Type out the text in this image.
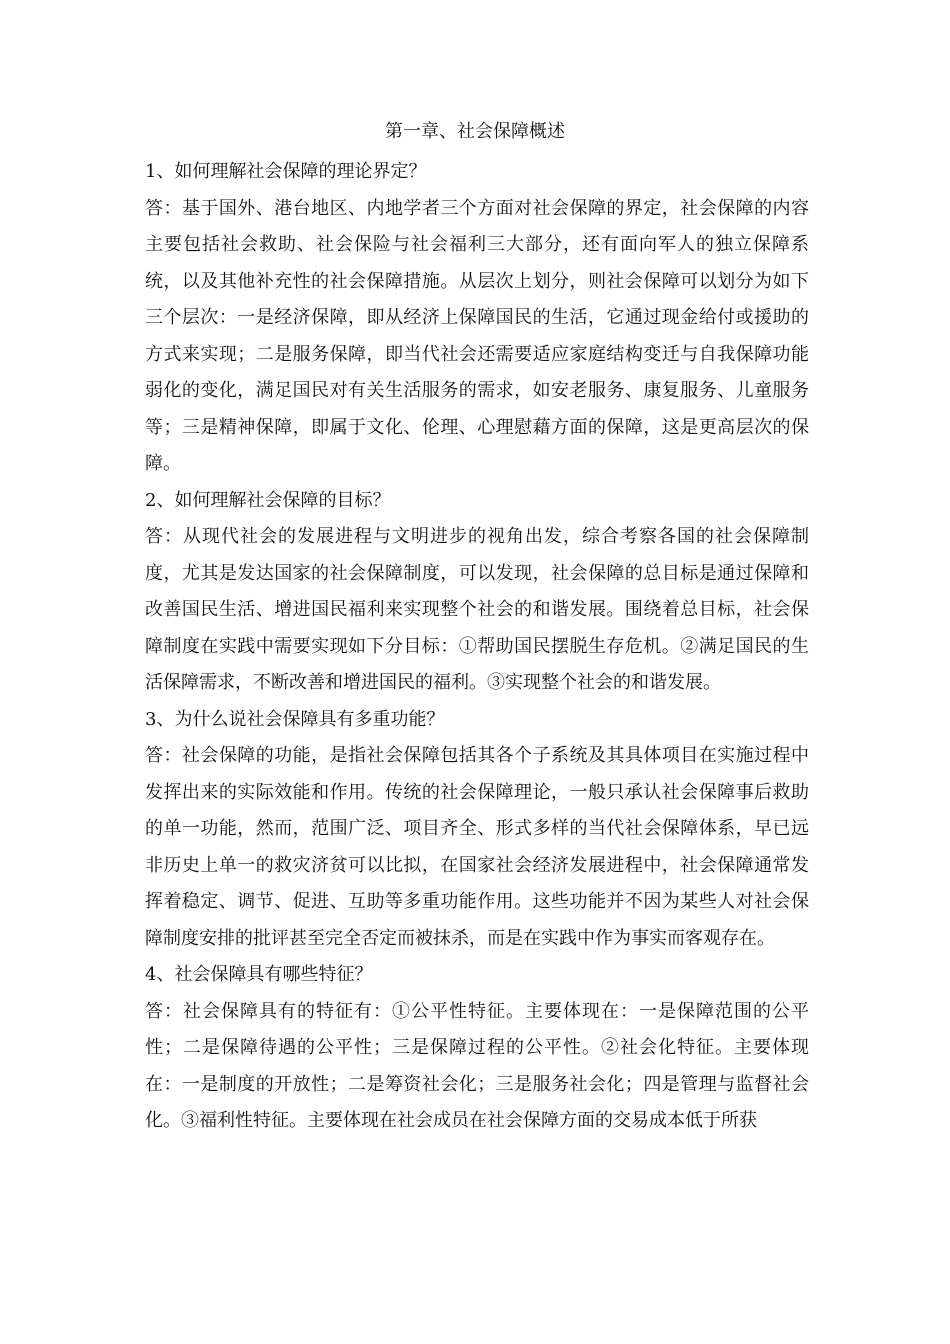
第一章、社会保障概述

1、如何理解社会保障的理论界定？

答：基于国外、港台地区、内地学者三个方面对社会保障的界定，社会保障的内容主要包括社会救助、社会保险与社会福利三大部分，还有面向军人的独立保障系统，以及其他补充性的社会保障措施。从层次上划分，则社会保障可以划分为如下三个层次：一是经济保障，即从经济上保障国民的生活，它通过现金给付或援助的方式来实现；二是服务保障，即当代社会还需要适应家庭结构变迁与自我保障功能弱化的变化，满足国民对有关生活服务的需求，如安老服务、康复服务、儿童服务等；三是精神保障，即属于文化、伦理、心理慰藉方面的保障，这是更高层次的保障。

2、如何理解社会保障的目标？

答：从现代社会的发展进程与文明进步的视角出发，综合考察各国的社会保障制度，尤其是发达国家的社会保障制度，可以发现，社会保障的总目标是通过保障和改善国民生活、增进国民福利来实现整个社会的和谐发展。围绕着总目标，社会保障制度在实践中需要实现如下分目标：①帮助国民摆脱生存危机。②满足国民的生活保障需求，不断改善和增进国民的福利。③实现整个社会的和谐发展。

3、为什么说社会保障具有多重功能？

答：社会保障的功能，是指社会保障包括其各个子系统及其具体项目在实施过程中发挥出来的实际效能和作用。传统的社会保障理论，一般只承认社会保障事后救助的单一功能，然而，范围广泛、项目齐全、形式多样的当代社会保障体系，早已远非历史上单一的救灾济贫可以比拟，在国家社会经济发展进程中，社会保障通常发挥着稳定、调节、促进、互助等多重功能作用。这些功能并不因为某些人对社会保障制度安排的批评甚至完全否定而被抹杀，而是在实践中作为事实而客观存在。

4、社会保障具有哪些特征？

答：社会保障具有的特征有：①公平性特征。主要体现在：一是保障范围的公平性；二是保障待遇的公平性；三是保障过程的公平性。②社会化特征。主要体现在：一是制度的开放性；二是筹资社会化；三是服务社会化；四是管理与监督社会化。③福利性特征。主要体现在社会成员在社会保障方面的交易成本低于所获
